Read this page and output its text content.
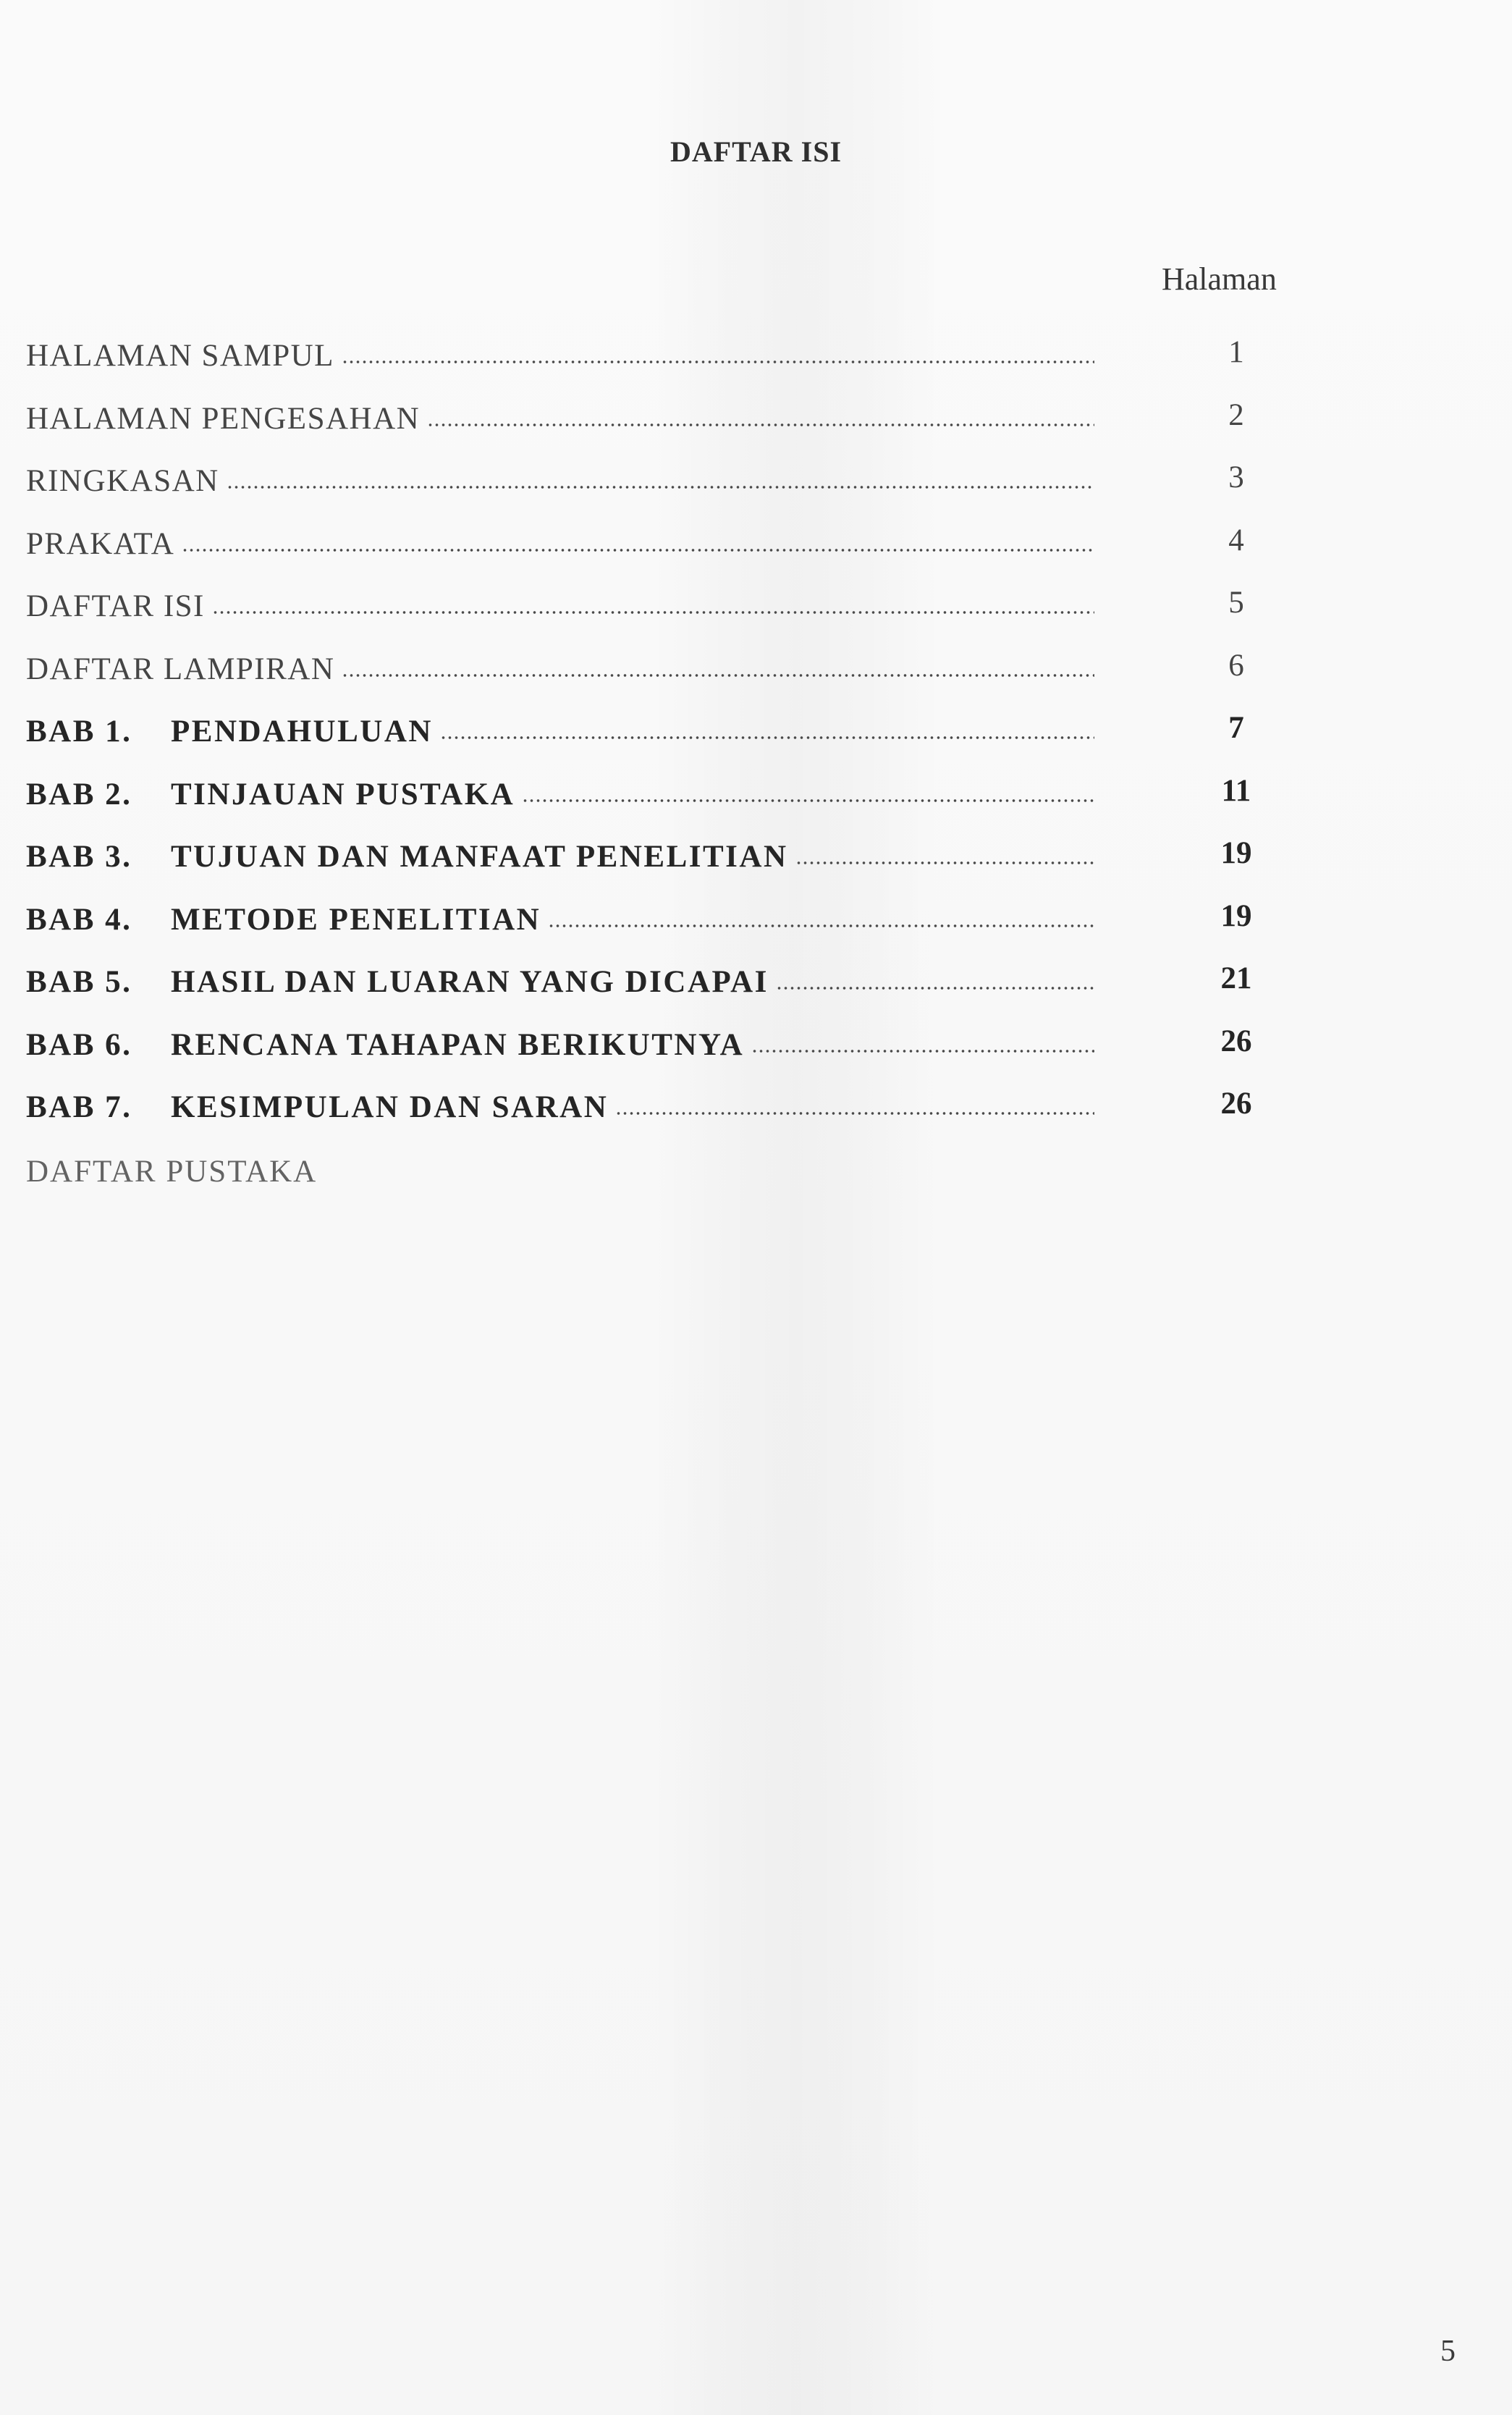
DAFTAR ISI
Halaman
HALAMAN SAMPUL	1
HALAMAN PENGESAHAN	2
RINGKASAN	3
PRAKATA	4
DAFTAR ISI	5
DAFTAR LAMPIRAN	6
BAB 1.	PENDAHULUAN	7
BAB 2.	TINJAUAN PUSTAKA	11
BAB 3.	TUJUAN DAN MANFAAT PENELITIAN	19
BAB 4.	METODE PENELITIAN	19
BAB 5.	HASIL DAN LUARAN YANG DICAPAI	21
BAB 6.	RENCANA TAHAPAN BERIKUTNYA	26
BAB 7.	KESIMPULAN DAN SARAN	26
DAFTAR PUSTAKA
5
